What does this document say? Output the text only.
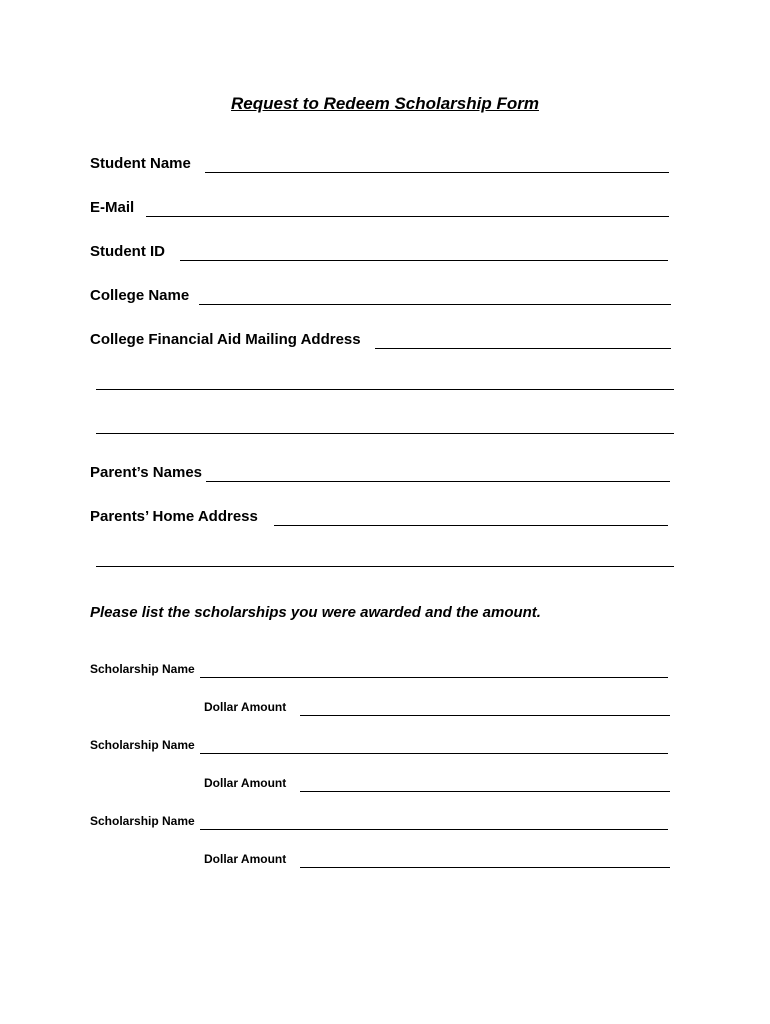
Request to Redeem Scholarship Form
Student Name
E-Mail
Student ID
College Name
College Financial Aid Mailing Address
Parent’s Names
Parents’ Home Address
Please list the scholarships you were awarded and the amount.
Scholarship Name
Dollar Amount
Scholarship Name
Dollar Amount
Scholarship Name
Dollar Amount
